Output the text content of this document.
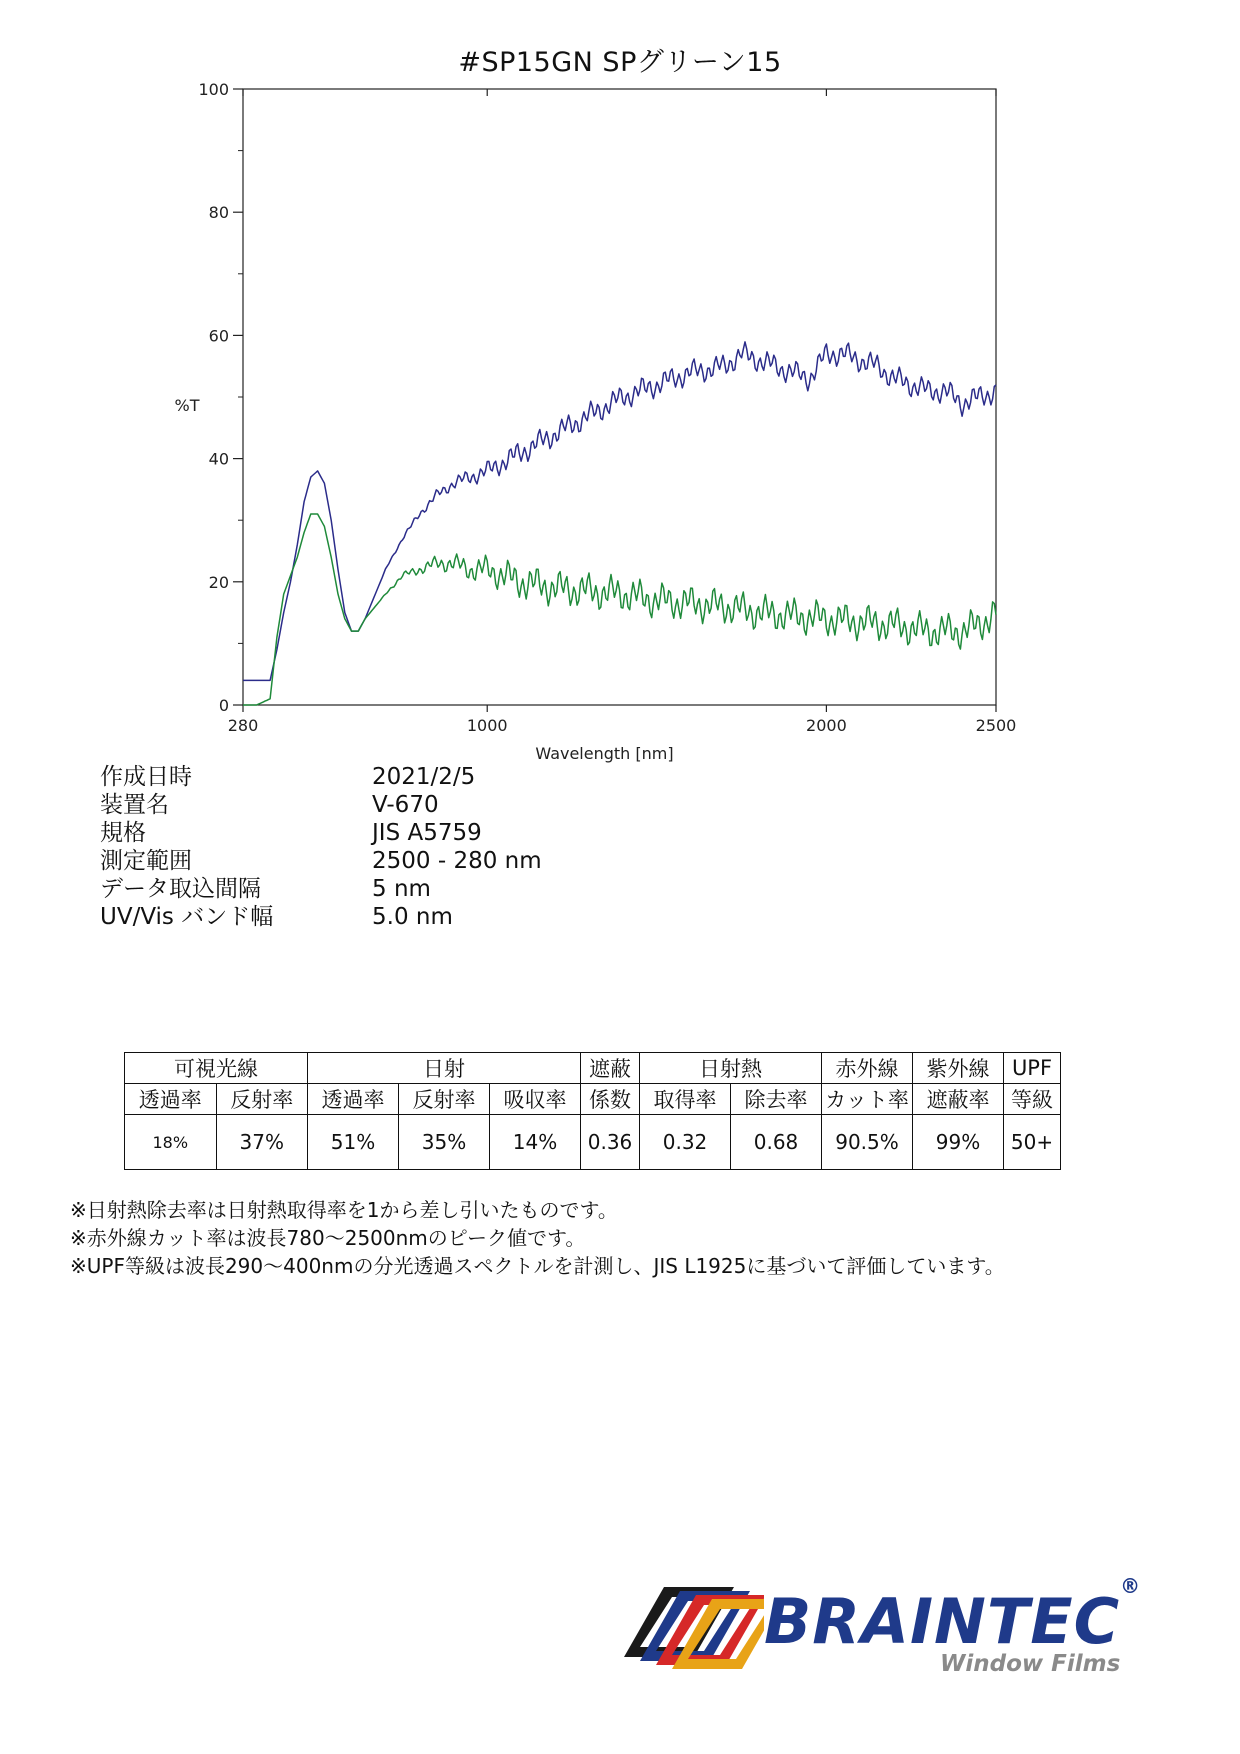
#SP15GN SPグリーン15
0
20
40
60
80
100
280	1000	2000	2500
Wavelength [nm]
%T
作成日時	2021/2/5
装置名	V-670
規格	JIS A5759
測定範囲	2500 - 280 nm
データ取込間隔	5 nm
UV/Vis バンド幅	5.0 nm
可視光線		日射			遮蔽	日射熱		赤外線	紫外線	UPF
透過率	反射率	透過率	反射率	吸収率	係数	取得率	除去率	カット率	遮蔽率	等級
18%	37%	51%	35%	14%	0.36	0.32	0.68	90.5%	99%	50+
※日射熱除去率は日射熱取得率を1から差し引いたものです。
※赤外線カット率は波長780～2500nmのピーク値です。
※UPF等級は波長290～400nmの分光透過スペクトルを計測し、JIS L1925に基づいて評価しています。
BRAINTEC®
Window Films
